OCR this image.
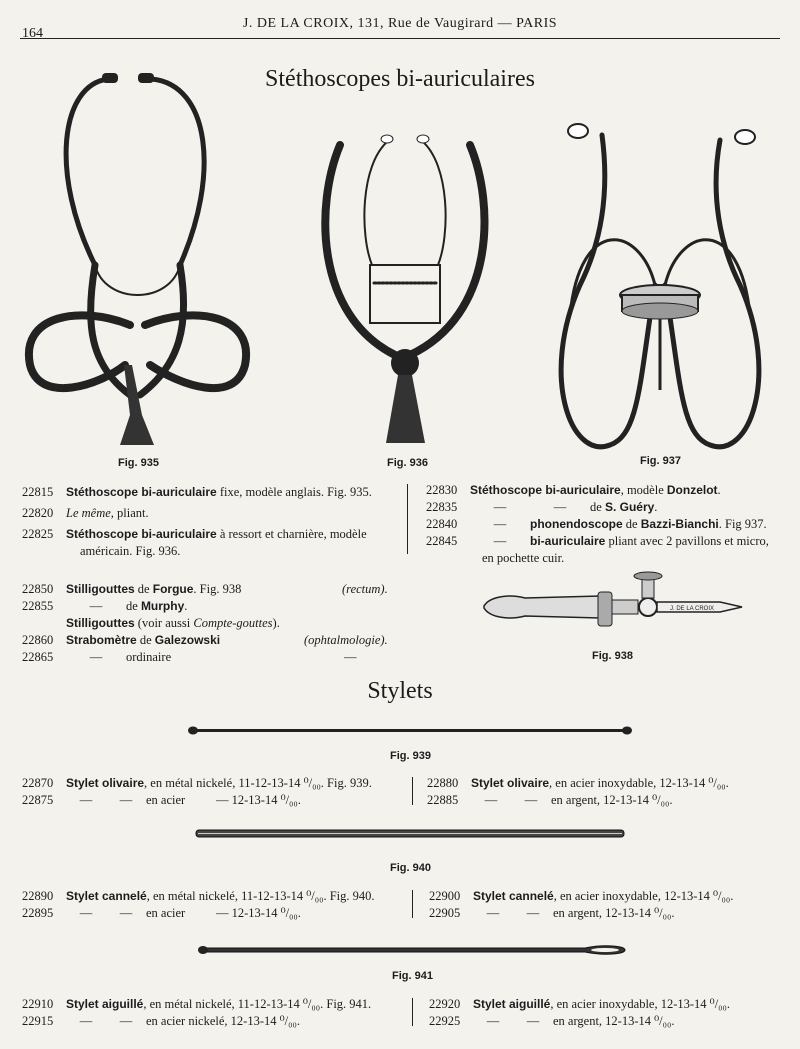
164
J. DE LA CROIX, 131, Rue de Vaugirard — PARIS
Stéthoscopes bi-auriculaires
Fig. 935	Fig. 936	Fig. 937
22815 Stéthoscope bi-auriculaire fixe, modèle anglais. Fig. 935.
22820 Le même, pliant.
22825 Stéthoscope bi-auriculaire à ressort et charnière, modèle
américain. Fig. 936.
22830 Stéthoscope bi-auriculaire, modèle Donzelot.
22835	—	— de S. Guéry.
22840	— phonendoscope de Bazzi-Bianchi. Fig 937.
22845	— bi-auriculaire pliant avec 2 pavillons et micro,
en pochette cuir.
22850 Stilligouttes de Forgue. Fig. 938	(rectum).
22855	— de Murphy.
Stilligouttes (voir aussi Compte-gouttes).
22860 Strabomètre de Galezowski	(ophtalmologie).
22865	— ordinaire	—
J. DE LA CROIX
Fig. 938
Stylets
Fig. 939
22870 Stylet olivaire, en métal nickelé, 11-12-13-14 ⁰/₀₀. Fig. 939.
22875 — — en acier — 12-13-14 ⁰/₀₀.
22880 Stylet olivaire, en acier inoxydable, 12-13-14 ⁰/₀₀.
22885 — — en argent, 12-13-14 ⁰/₀₀.
Fig. 940
22890 Stylet cannelé, en métal nickelé, 11-12-13-14 ⁰/₀₀. Fig. 940.
22895 — — en acier — 12-13-14 ⁰/₀₀.
22900 Stylet cannelé, en acier inoxydable, 12-13-14 ⁰/₀₀.
22905 — — en argent, 12-13-14 ⁰/₀₀.
Fig. 941
22910 Stylet aiguillé, en métal nickelé, 11-12-13-14 ⁰/₀₀. Fig. 941.
22915 — — en acier nickelé, 12-13-14 ⁰/₀₀.
22920 Stylet aiguillé, en acier inoxydable, 12-13-14 ⁰/₀₀.
22925 — — en argent, 12-13-14 ⁰/₀₀.
